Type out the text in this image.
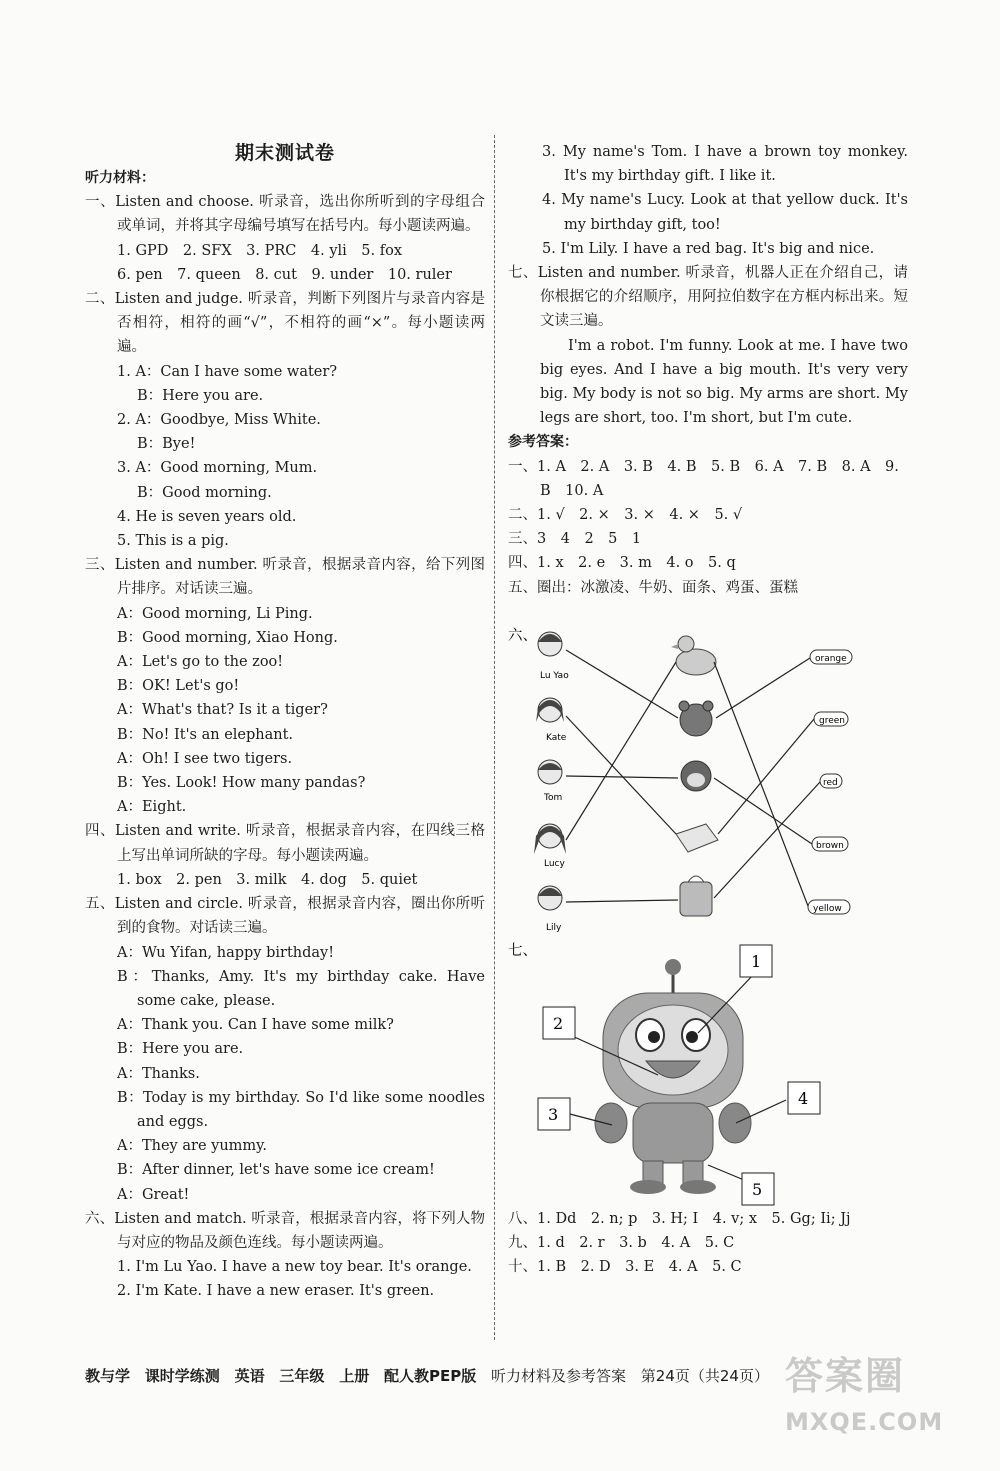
期末测试卷
听力材料：
一、Listen and choose. 听录音，选出你所听到的字母组合或单词，并将其字母编号填写在括号内。每小题读两遍。
1. GPD　2. SFX　3. PRC　4. yli　5. fox
6. pen　7. queen　8. cut　9. under　10. ruler
二、Listen and judge. 听录音，判断下列图片与录音内容是否相符，相符的画“√”，不相符的画“×”。每小题读两遍。
1. A：Can I have some water?
B：Here you are.
2. A：Goodbye, Miss White.
B：Bye!
3. A：Good morning, Mum.
B：Good morning.
4. He is seven years old.
5. This is a pig.
三、Listen and number. 听录音，根据录音内容，给下列图片排序。对话读三遍。
A：Good morning, Li Ping.
B：Good morning, Xiao Hong.
A：Let's go to the zoo!
B：OK! Let's go!
A：What's that? Is it a tiger?
B：No! It's an elephant.
A：Oh! I see two tigers.
B：Yes. Look! How many pandas?
A：Eight.
四、Listen and write. 听录音，根据录音内容，在四线三格上写出单词所缺的字母。每小题读两遍。
1. box　2. pen　3. milk　4. dog　5. quiet
五、Listen and circle. 听录音，根据录音内容，圈出你所听到的食物。对话读三遍。
A：Wu Yifan, happy birthday!
B：Thanks, Amy. It's my birthday cake. Have some cake, please.
A：Thank you. Can I have some milk?
B：Here you are.
A：Thanks.
B：Today is my birthday. So I'd like some noodles and eggs.
A：They are yummy.
B：After dinner, let's have some ice cream!
A：Great!
六、Listen and match. 听录音，根据录音内容，将下列人物与对应的物品及颜色连线。每小题读两遍。
1. I'm Lu Yao. I have a new toy bear. It's orange.
2. I'm Kate. I have a new eraser. It's green.
3. My name's Tom. I have a brown toy monkey. It's my birthday gift. I like it.
4. My name's Lucy. Look at that yellow duck. It's my birthday gift, too!
5. I'm Lily. I have a red bag. It's big and nice.
七、Listen and number. 听录音，机器人正在介绍自己，请你根据它的介绍顺序，用阿拉伯数字在方框内标出来。短文读三遍。
I'm a robot. I'm funny. Look at me. I have two big eyes. And I have a big mouth. It's very very big. My body is not so big. My arms are short. My legs are short, too. I'm short, but I'm cute.
参考答案：
一、1. A　2. A　3. B　4. B　5. B　6. A　7. B　8. A　9. B　10. A
二、1. √　2. ×　3. ×　4. ×　5. √
三、3　4　2　5　1
四、1. x　2. e　3. m　4. o　5. q
五、圈出：冰激凌、牛奶、面条、鸡蛋、蛋糕
六、
Lu Yao
Kate
Tom
Lucy
Lily
orange
green
red
brown
yellow
七、
1
2
3
4
5
八、1. Dd　2. n; p　3. H; I　4. v; x　5. Gg; Ii; Jj
九、1. d　2. r　3. b　4. A　5. C
十、1. B　2. D　3. E　4. A　5. C
教与学 课时学练测 英语 三年级 上册 配人教PEP版 听力材料及参考答案 第24页（共24页） 答案圈
MXQE.COM
